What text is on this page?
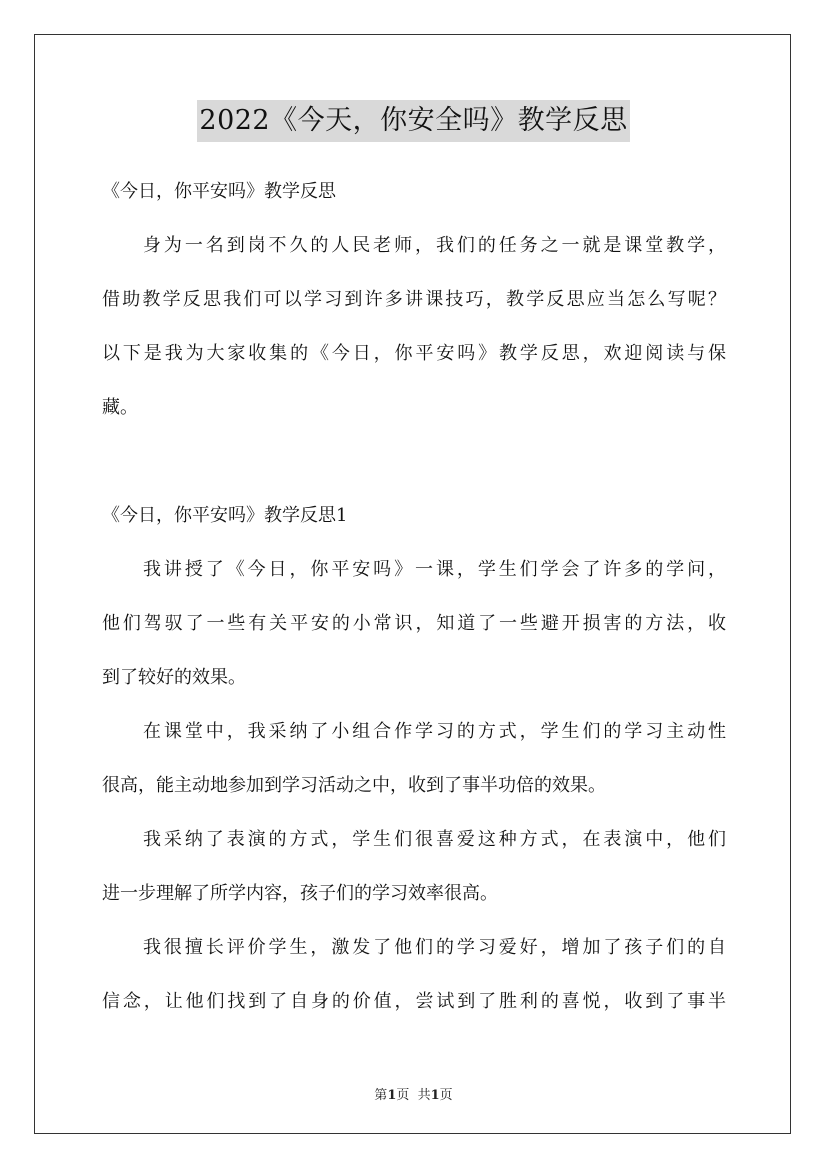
2022《今天，你安全吗》教学反思
《今日，你平安吗》教学反思
身为一名到岗不久的人民老师，我们的任务之一就是课堂教学，
借助教学反思我们可以学习到许多讲课技巧，教学反思应当怎么写呢？
以下是我为大家收集的《今日，你平安吗》教学反思，欢迎阅读与保
藏。
《今日，你平安吗》教学反思1
我讲授了《今日，你平安吗》一课，学生们学会了许多的学问，
他们驾驭了一些有关平安的小常识，知道了一些避开损害的方法，收
到了较好的效果。
在课堂中，我采纳了小组合作学习的方式，学生们的学习主动性
很高，能主动地参加到学习活动之中，收到了事半功倍的效果。
我采纳了表演的方式，学生们很喜爱这种方式，在表演中，他们
进一步理解了所学内容，孩子们的学习效率很高。
我很擅长评价学生，激发了他们的学习爱好，增加了孩子们的自
信念，让他们找到了自身的价值，尝试到了胜利的喜悦，收到了事半
第1页  共1页
